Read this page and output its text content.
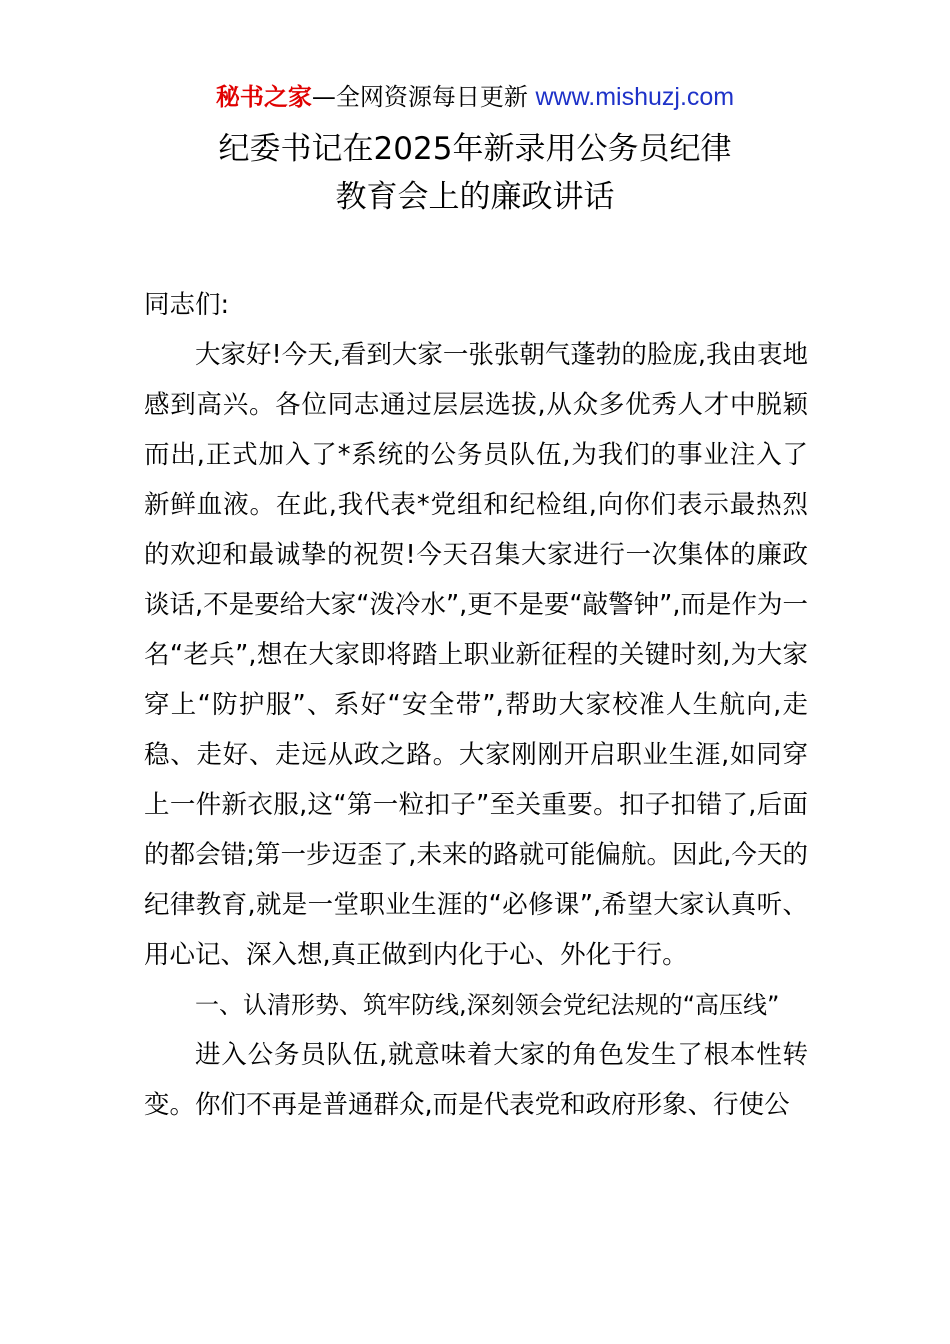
秘书之家—全网资源每日更新 www.mishuzj.com
纪委书记在2025年新录用公务员纪律
教育会上的廉政讲话

同志们:

大家好!今天,看到大家一张张朝气蓬勃的脸庞,我由衷地感到高兴。各位同志通过层层选拔,从众多优秀人才中脱颖而出,正式加入了*系统的公务员队伍,为我们的事业注入了新鲜血液。在此,我代表*党组和纪检组,向你们表示最热烈的欢迎和最诚挚的祝贺!今天召集大家进行一次集体的廉政谈话,不是要给大家“泼冷水”,更不是要“敲警钟”,而是作为一名“老兵”,想在大家即将踏上职业新征程的关键时刻,为大家穿上“防护服”、系好“安全带”,帮助大家校准人生航向,走稳、走好、走远从政之路。大家刚刚开启职业生涯,如同穿上一件新衣服,这“第一粒扣子”至关重要。扣子扣错了,后面的都会错;第一步迈歪了,未来的路就可能偏航。因此,今天的纪律教育,就是一堂职业生涯的“必修课”,希望大家认真听、用心记、深入想,真正做到内化于心、外化于行。

一、认清形势、筑牢防线,深刻领会党纪法规的“高压线”

进入公务员队伍,就意味着大家的角色发生了根本性转变。你们不再是普通群众,而是代表党和政府形象、行使公
